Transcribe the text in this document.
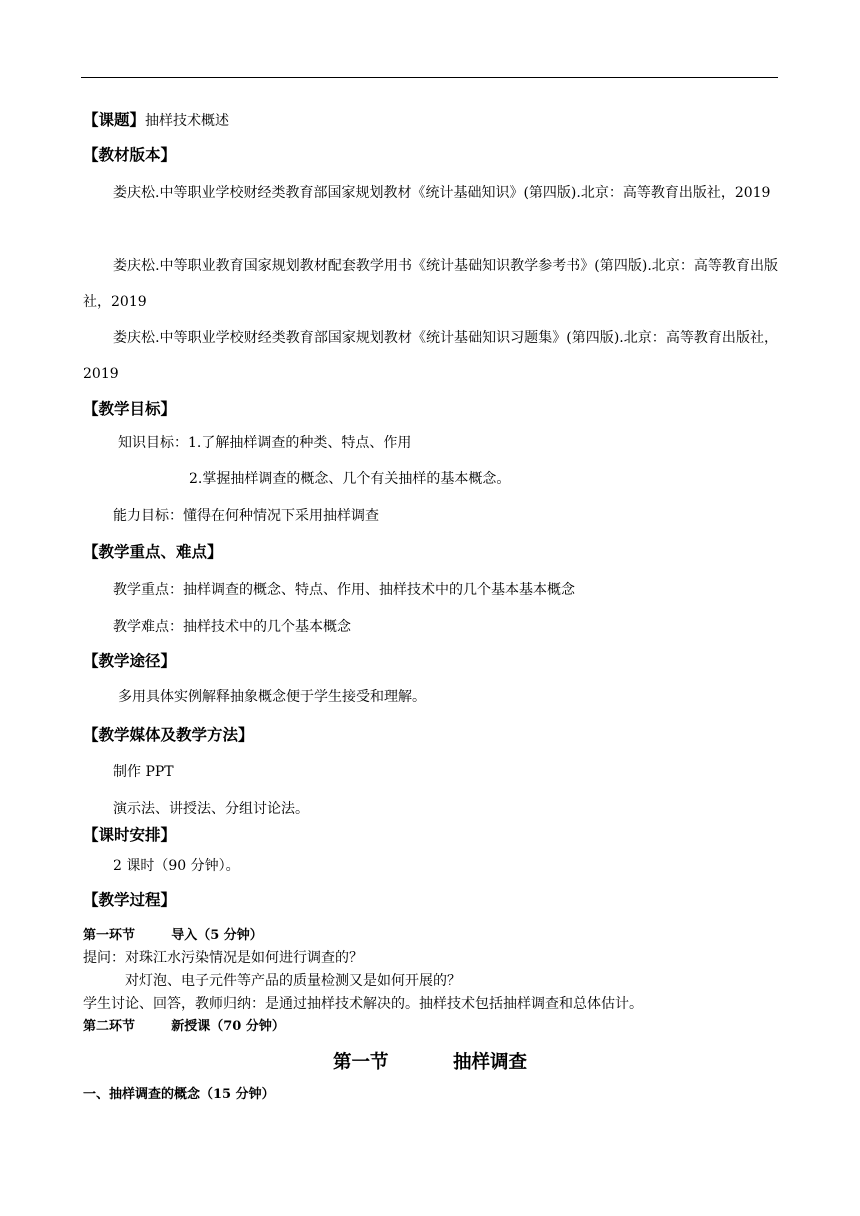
【课题】抽样技术概述
【教材版本】
娄庆松.中等职业学校财经类教育部国家规划教材《统计基础知识》(第四版).北京：高等教育出版社，2019
娄庆松.中等职业教育国家规划教材配套教学用书《统计基础知识教学参考书》(第四版).北京：高等教育出版社，2019
娄庆松.中等职业学校财经类教育部国家规划教材《统计基础知识习题集》(第四版).北京：高等教育出版社，2019
【教学目标】
知识目标：1.了解抽样调查的种类、特点、作用
2.掌握抽样调查的概念、几个有关抽样的基本概念。
能力目标：懂得在何种情况下采用抽样调查
【教学重点、难点】
教学重点：抽样调查的概念、特点、作用、抽样技术中的几个基本基本概念
教学难点：抽样技术中的几个基本概念
【教学途径】
多用具体实例解释抽象概念便于学生接受和理解。
【教学媒体及教学方法】
制作 PPT
演示法、讲授法、分组讨论法。
【课时安排】
2 课时（90 分钟）。
【教学过程】
第一环节        导入（5 分钟）
提问：对珠江水污染情况是如何进行调查的？
对灯泡、电子元件等产品的质量检测又是如何开展的？
学生讨论、回答，教师归纳：是通过抽样技术解决的。抽样技术包括抽样调查和总体估计。
第二环节        新授课（70 分钟）
第一节          抽样调查
一、抽样调查的概念（15 分钟）
